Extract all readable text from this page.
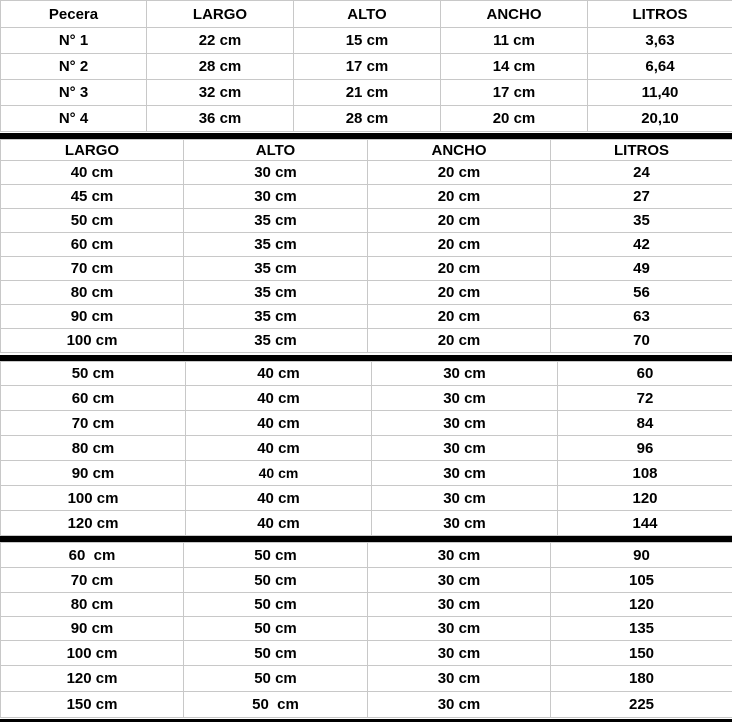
Pecera	LARGO	ALTO	ANCHO	LITROS
N° 1	22 cm	15 cm	11 cm	3,63
N° 2	28 cm	17 cm	14 cm	6,64
N° 3	32 cm	21 cm	17 cm	11,40
N° 4	36 cm	28 cm	20 cm	20,10
LARGO	ALTO	ANCHO	LITROS
40 cm	30 cm	20 cm	24
45 cm	30 cm	20 cm	27
50 cm	35 cm	20 cm	35
60 cm	35 cm	20 cm	42
70 cm	35 cm	20 cm	49
80 cm	35 cm	20 cm	56
90 cm	35 cm	20 cm	63
100 cm	35 cm	20 cm	70
50 cm	40 cm	30 cm	60
60 cm	40 cm	30 cm	72
70 cm	40 cm	30 cm	84
80 cm	40 cm	30 cm	96
90 cm	40 cm	30 cm	108
100 cm	40 cm	30 cm	120
120 cm	40 cm	30 cm	144
60  cm	50 cm	30 cm	90
70 cm	50 cm	30 cm	105
80 cm	50 cm	30 cm	120
90 cm	50 cm	30 cm	135
100 cm	50 cm	30 cm	150
120 cm	50 cm	30 cm	180
150 cm	50  cm	30 cm	225
